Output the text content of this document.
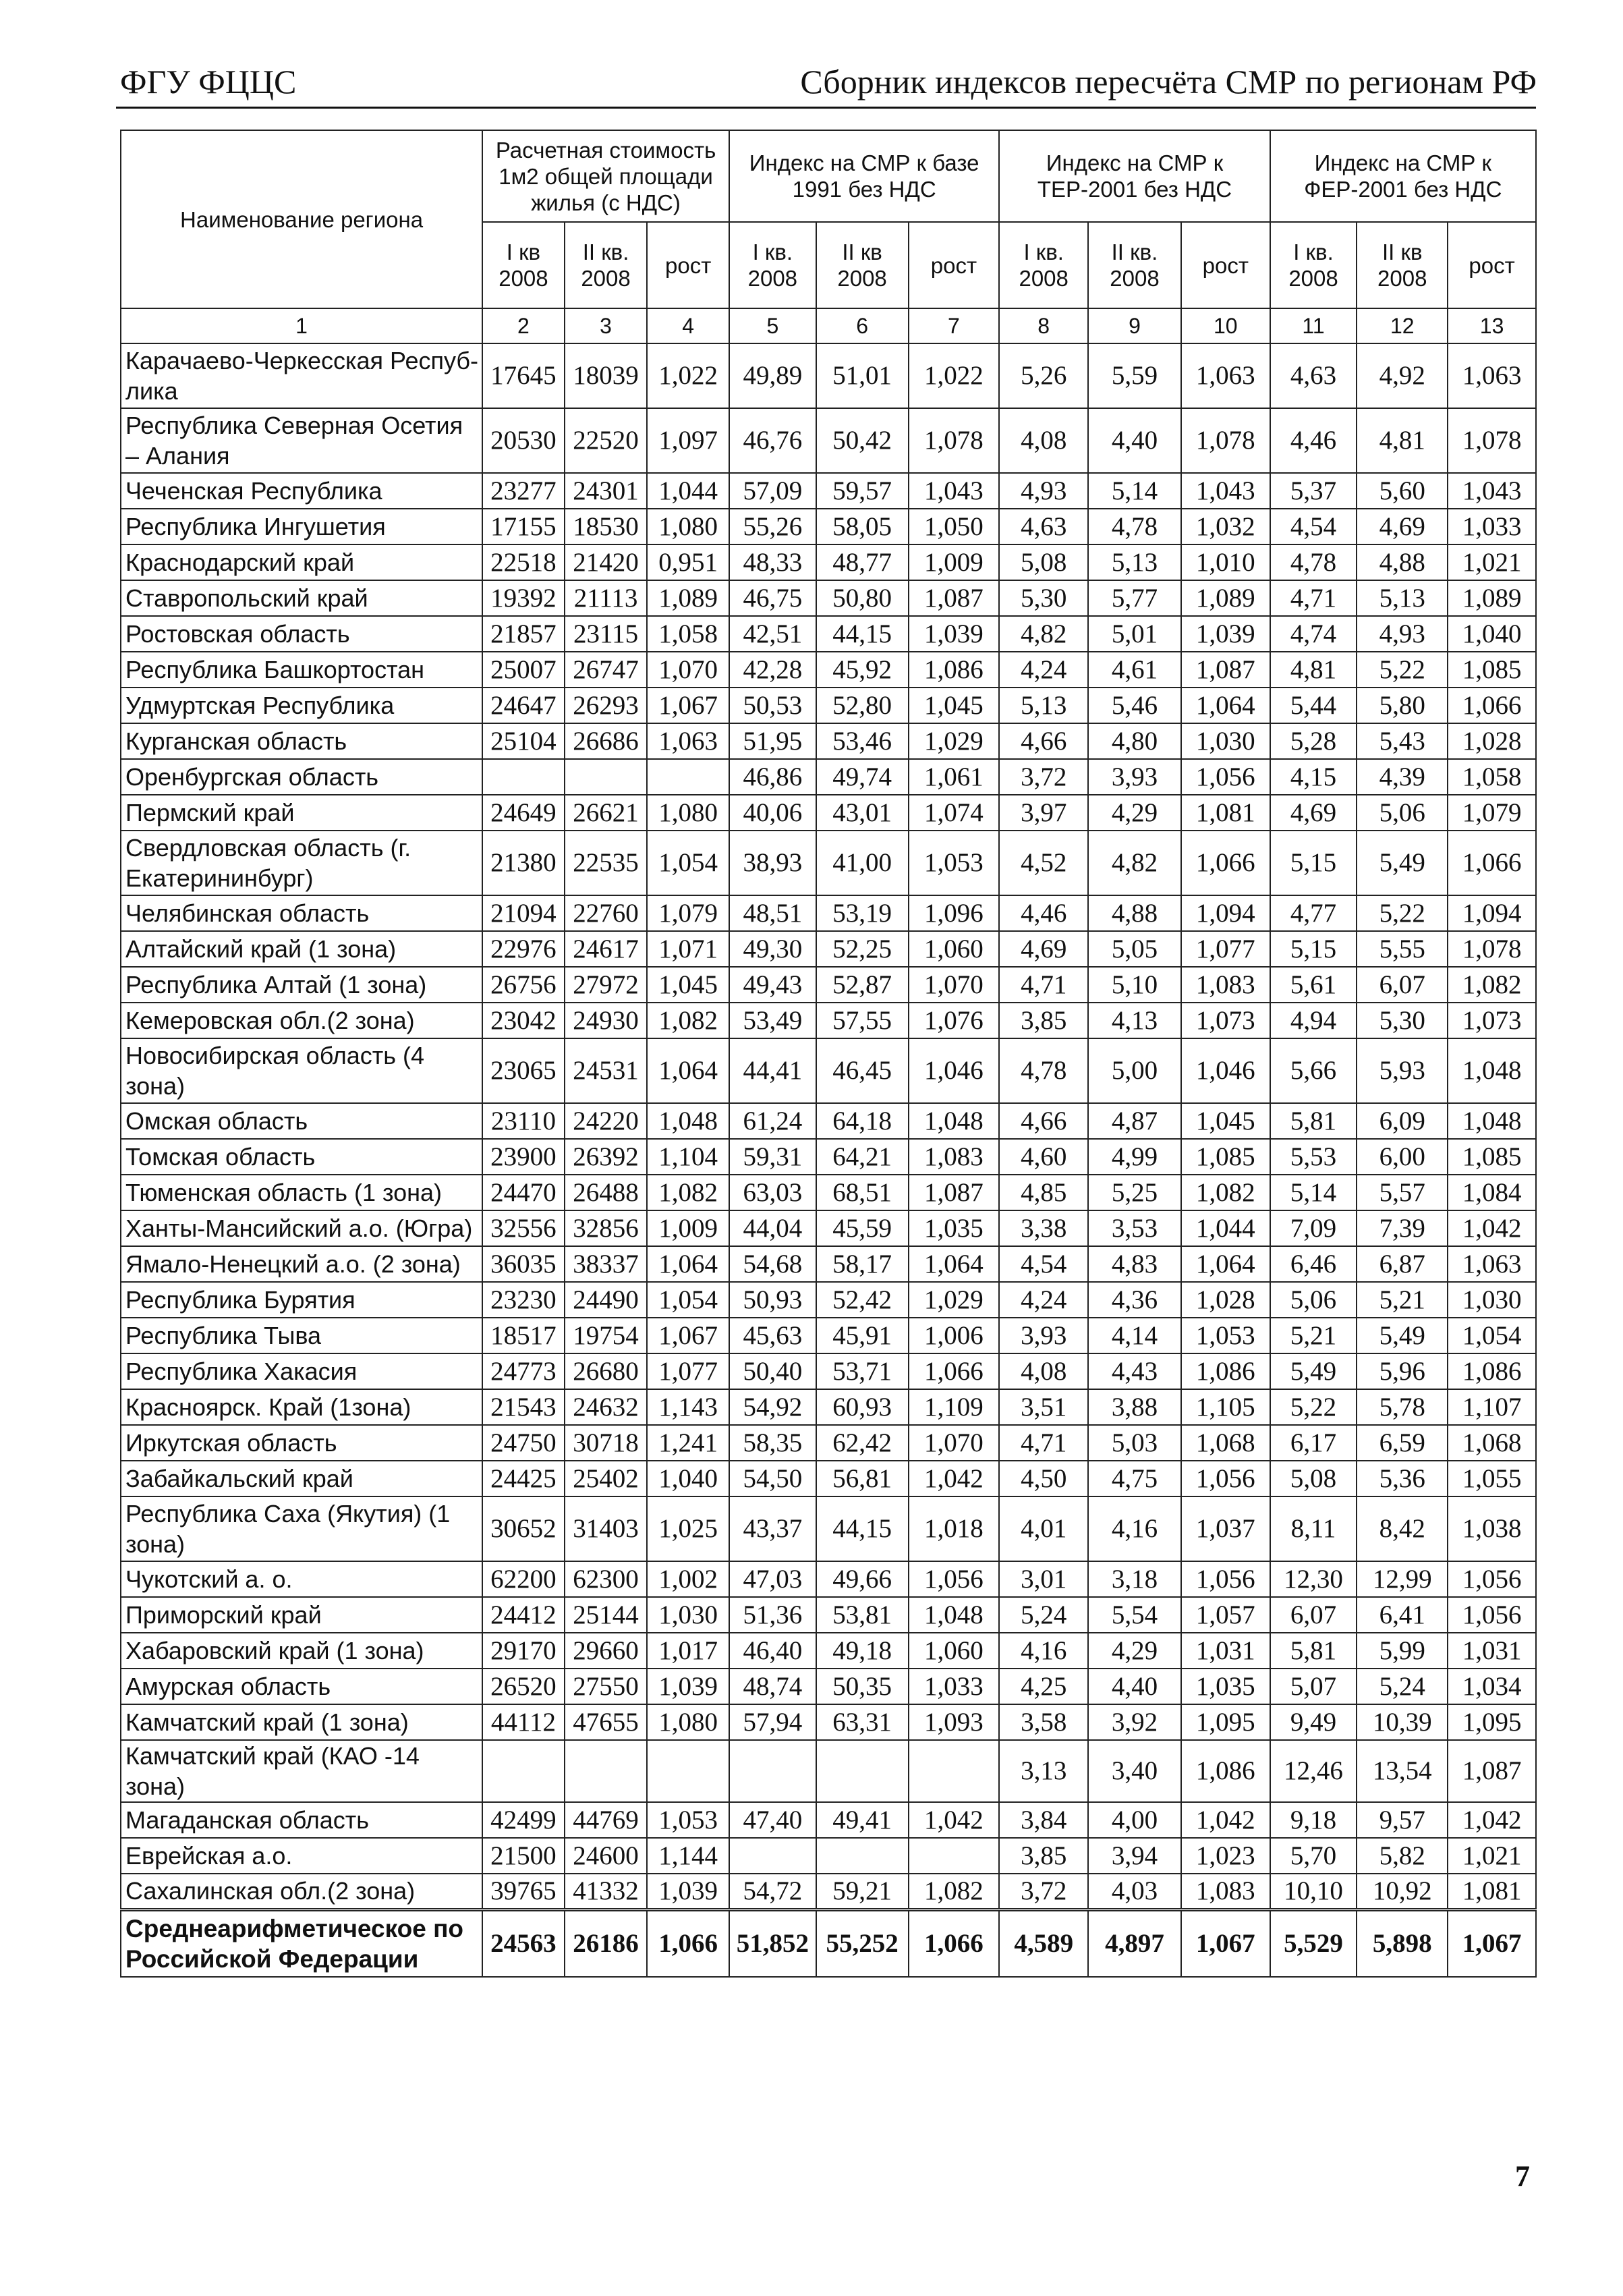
ФГУ ФЦЦС	Сборник индексов пересчёта СМР по регионам РФ
Наименование региона	Расчетная стоимость 1м2 общей площади жилья (с НДС)			Индекс на СМР к базе 1991 без НДС			Индекс на СМР к ТЕР-2001 без НДС			Индекс на СМР к ФЕР-2001 без НДС		
	I кв 2008	II кв. 2008	рост	I кв. 2008	II кв 2008	рост	I кв. 2008	II кв. 2008	рост	I кв. 2008	II кв 2008	рост
1	2	3	4	5	6	7	8	9	10	11	12	13
Карачаево-Черкесская Респуб-лика	17645	18039	1,022	49,89	51,01	1,022	5,26	5,59	1,063	4,63	4,92	1,063
Республика Северная Осетия – Алания	20530	22520	1,097	46,76	50,42	1,078	4,08	4,40	1,078	4,46	4,81	1,078
Чеченская Республика	23277	24301	1,044	57,09	59,57	1,043	4,93	5,14	1,043	5,37	5,60	1,043
Республика Ингушетия	17155	18530	1,080	55,26	58,05	1,050	4,63	4,78	1,032	4,54	4,69	1,033
Краснодарский край	22518	21420	0,951	48,33	48,77	1,009	5,08	5,13	1,010	4,78	4,88	1,021
Ставропольский край	19392	21113	1,089	46,75	50,80	1,087	5,30	5,77	1,089	4,71	5,13	1,089
Ростовская область	21857	23115	1,058	42,51	44,15	1,039	4,82	5,01	1,039	4,74	4,93	1,040
Республика Башкортостан	25007	26747	1,070	42,28	45,92	1,086	4,24	4,61	1,087	4,81	5,22	1,085
Удмуртская Республика	24647	26293	1,067	50,53	52,80	1,045	5,13	5,46	1,064	5,44	5,80	1,066
Курганская область	25104	26686	1,063	51,95	53,46	1,029	4,66	4,80	1,030	5,28	5,43	1,028
Оренбургская область				46,86	49,74	1,061	3,72	3,93	1,056	4,15	4,39	1,058
Пермский край	24649	26621	1,080	40,06	43,01	1,074	3,97	4,29	1,081	4,69	5,06	1,079
Свердловская область (г. Екатерининбург)	21380	22535	1,054	38,93	41,00	1,053	4,52	4,82	1,066	5,15	5,49	1,066
Челябинская область	21094	22760	1,079	48,51	53,19	1,096	4,46	4,88	1,094	4,77	5,22	1,094
Алтайский край (1 зона)	22976	24617	1,071	49,30	52,25	1,060	4,69	5,05	1,077	5,15	5,55	1,078
Республика Алтай (1 зона)	26756	27972	1,045	49,43	52,87	1,070	4,71	5,10	1,083	5,61	6,07	1,082
Кемеровская обл.(2 зона)	23042	24930	1,082	53,49	57,55	1,076	3,85	4,13	1,073	4,94	5,30	1,073
Новосибирская область (4 зона)	23065	24531	1,064	44,41	46,45	1,046	4,78	5,00	1,046	5,66	5,93	1,048
Омская область	23110	24220	1,048	61,24	64,18	1,048	4,66	4,87	1,045	5,81	6,09	1,048
Томская область	23900	26392	1,104	59,31	64,21	1,083	4,60	4,99	1,085	5,53	6,00	1,085
Тюменская область (1 зона)	24470	26488	1,082	63,03	68,51	1,087	4,85	5,25	1,082	5,14	5,57	1,084
Ханты-Мансийский а.о. (Югра)	32556	32856	1,009	44,04	45,59	1,035	3,38	3,53	1,044	7,09	7,39	1,042
Ямало-Ненецкий а.о. (2 зона)	36035	38337	1,064	54,68	58,17	1,064	4,54	4,83	1,064	6,46	6,87	1,063
Республика Бурятия	23230	24490	1,054	50,93	52,42	1,029	4,24	4,36	1,028	5,06	5,21	1,030
Республика Тыва	18517	19754	1,067	45,63	45,91	1,006	3,93	4,14	1,053	5,21	5,49	1,054
Республика Хакасия	24773	26680	1,077	50,40	53,71	1,066	4,08	4,43	1,086	5,49	5,96	1,086
Красноярск. Край (1зона)	21543	24632	1,143	54,92	60,93	1,109	3,51	3,88	1,105	5,22	5,78	1,107
Иркутская область	24750	30718	1,241	58,35	62,42	1,070	4,71	5,03	1,068	6,17	6,59	1,068
Забайкальский край	24425	25402	1,040	54,50	56,81	1,042	4,50	4,75	1,056	5,08	5,36	1,055
Республика Саха (Якутия) (1 зона)	30652	31403	1,025	43,37	44,15	1,018	4,01	4,16	1,037	8,11	8,42	1,038
Чукотский а. о.	62200	62300	1,002	47,03	49,66	1,056	3,01	3,18	1,056	12,30	12,99	1,056
Приморский край	24412	25144	1,030	51,36	53,81	1,048	5,24	5,54	1,057	6,07	6,41	1,056
Хабаровский край (1 зона)	29170	29660	1,017	46,40	49,18	1,060	4,16	4,29	1,031	5,81	5,99	1,031
Амурская область	26520	27550	1,039	48,74	50,35	1,033	4,25	4,40	1,035	5,07	5,24	1,034
Камчатский край (1 зона)	44112	47655	1,080	57,94	63,31	1,093	3,58	3,92	1,095	9,49	10,39	1,095
Камчатский край (КАО -14 зона)							3,13	3,40	1,086	12,46	13,54	1,087
Магаданская область	42499	44769	1,053	47,40	49,41	1,042	3,84	4,00	1,042	9,18	9,57	1,042
Еврейская а.о.	21500	24600	1,144				3,85	3,94	1,023	5,70	5,82	1,021
Сахалинская обл.(2 зона)	39765	41332	1,039	54,72	59,21	1,082	3,72	4,03	1,083	10,10	10,92	1,081
Среднеарифметическое по Российской Федерации	24563	26186	1,066	51,852	55,252	1,066	4,589	4,897	1,067	5,529	5,898	1,067
7
